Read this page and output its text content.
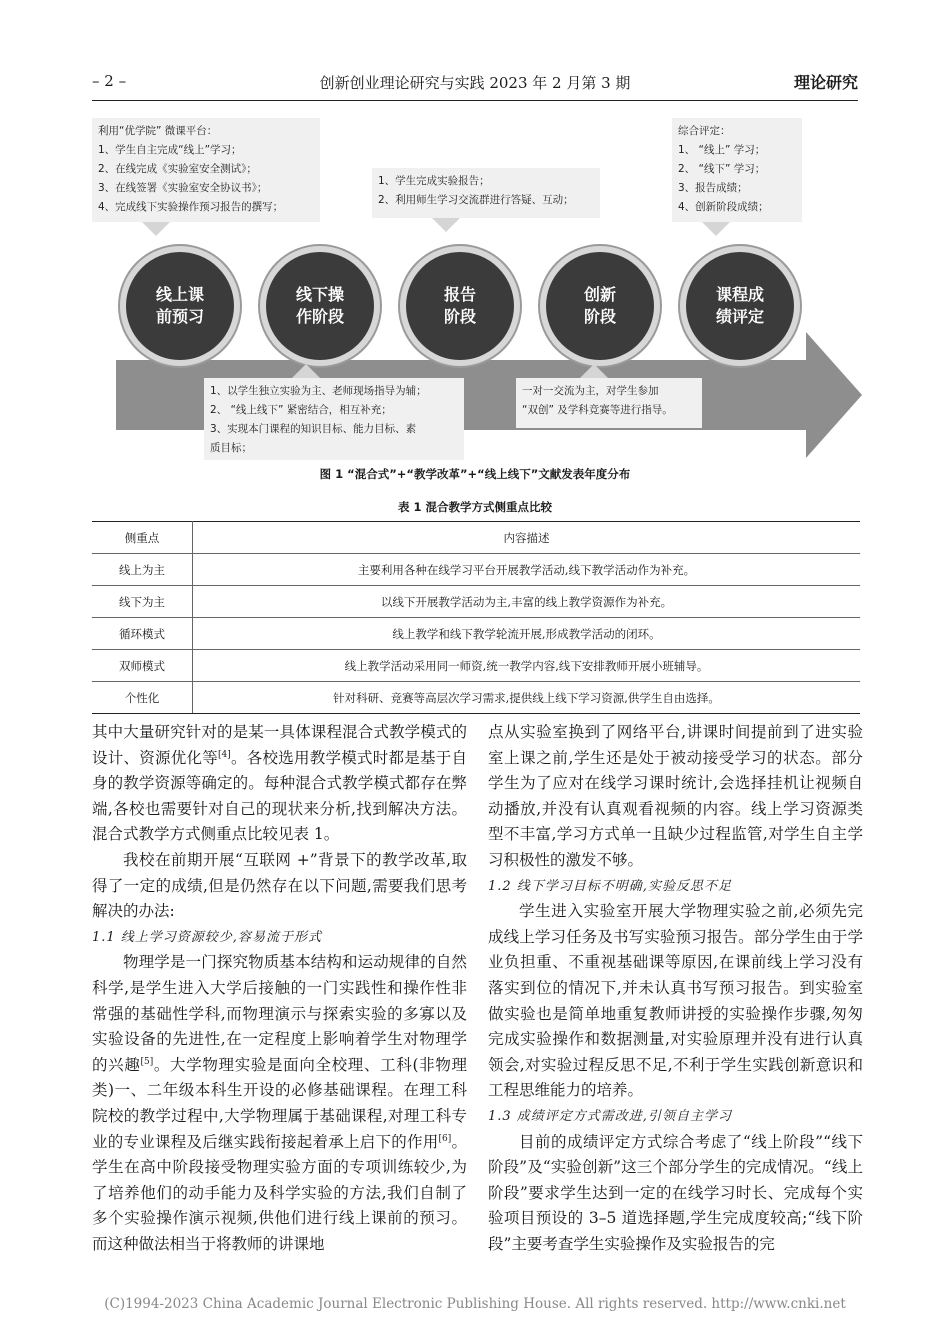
– 2 –	创新创业理论研究与实践 2023 年 2 月第 3 期	理论研究
利用“优学院” 微课平台：
1、学生自主完成“线上”学习；
2、在线完成《实验室安全测试》；
3、在线签署《实验室安全协议书》；
4、完成线下实验操作预习报告的撰写；
1、学生完成实验报告；
2、利用师生学习交流群进行答疑、互动；
综合评定：
1、 “线上” 学习；
2、 “线下” 学习；
3、报告成绩；
4、创新阶段成绩；
线上课
前预习
线下操
作阶段
报告
阶段
创新
阶段
课程成
绩评定
1、以学生独立实验为主、老师现场指导为辅；
2、 “线上线下” 紧密结合，相互补充；
3、实现本门课程的知识目标、能力目标、素
质目标；
一对一交流为主，对学生参加
“双创” 及学科竞赛等进行指导。
图 1 “混合式”+“教学改革”+“线上线下”文献发表年度分布
表 1 混合教学方式侧重点比较
侧重点	内容描述
线上为主	主要利用各种在线学习平台开展教学活动,线下教学活动作为补充。
线下为主	以线下开展教学活动为主,丰富的线上教学资源作为补充。
循环模式	线上教学和线下教学轮流开展,形成教学活动的闭环。
双师模式	线上教学活动采用同一师资,统一教学内容,线下安排教师开展小班辅导。
个性化	针对科研、竞赛等高层次学习需求,提供线上线下学习资源,供学生自由选择。

其中大量研究针对的是某一具体课程混合式教学模式的设计、资源优化等[4]。各校选用教学模式时都是基于自身的教学资源等确定的。每种混合式教学模式都存在弊端,各校也需要针对自己的现状来分析,找到解决方法。混合式教学方式侧重点比较见表 1。

我校在前期开展“互联网 +”背景下的教学改革,取得了一定的成绩,但是仍然存在以下问题,需要我们思考解决的办法:

1.1 线上学习资源较少,容易流于形式

物理学是一门探究物质基本结构和运动规律的自然科学,是学生进入大学后接触的一门实践性和操作性非常强的基础性学科,而物理演示与探索实验的多寡以及实验设备的先进性,在一定程度上影响着学生对物理学的兴趣[5]。大学物理实验是面向全校理、工科(非物理类)一、二年级本科生开设的必修基础课程。在理工科院校的教学过程中,大学物理属于基础课程,对理工科专业的专业课程及后继实践衔接起着承上启下的作用[6]。学生在高中阶段接受物理实验方面的专项训练较少,为了培养他们的动手能力及科学实验的方法,我们自制了多个实验操作演示视频,供他们进行线上课前的预习。而这种做法相当于将教师的讲课地

点从实验室换到了网络平台,讲课时间提前到了进实验室上课之前,学生还是处于被动接受学习的状态。部分学生为了应对在线学习课时统计,会选择挂机让视频自动播放,并没有认真观看视频的内容。线上学习资源类型不丰富,学习方式单一且缺少过程监管,对学生自主学习积极性的激发不够。

1.2 线下学习目标不明确,实验反思不足

学生进入实验室开展大学物理实验之前,必须先完成线上学习任务及书写实验预习报告。部分学生由于学业负担重、不重视基础课等原因,在课前线上学习没有落实到位的情况下,并未认真书写预习报告。到实验室做实验也是简单地重复教师讲授的实验操作步骤,匆匆完成实验操作和数据测量,对实验原理并没有进行认真领会,对实验过程反思不足,不利于学生实践创新意识和工程思维能力的培养。

1.3 成绩评定方式需改进,引领自主学习

目前的成绩评定方式综合考虑了“线上阶段”“线下阶段”及“实验创新”这三个部分学生的完成情况。“线上阶段”要求学生达到一定的在线学习时长、完成每个实验项目预设的 3–5 道选择题,学生完成度较高;“线下阶段”主要考查学生实验操作及实验报告的完

(C)1994-2023 China Academic Journal Electronic Publishing House. All rights reserved. http://www.cnki.net
